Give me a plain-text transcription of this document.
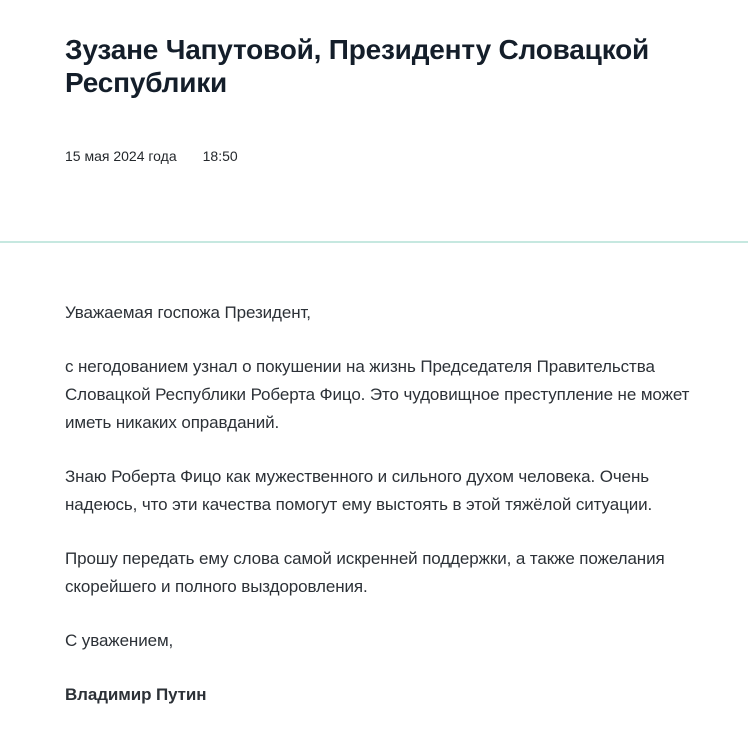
Зузане Чапутовой, Президенту Словацкой
Республики
15 мая 2024 года 18:50

Уважаемая госпожа Президент,

с негодованием узнал о покушении на жизнь Председателя Правительства
Словацкой Республики Роберта Фицо. Это чудовищное преступление не может
иметь никаких оправданий.

Знаю Роберта Фицо как мужественного и сильного духом человека. Очень
надеюсь, что эти качества помогут ему выстоять в этой тяжёлой ситуации.

Прошу передать ему слова самой искренней поддержки, а также пожелания
скорейшего и полного выздоровления.

С уважением,

Владимир Путин
